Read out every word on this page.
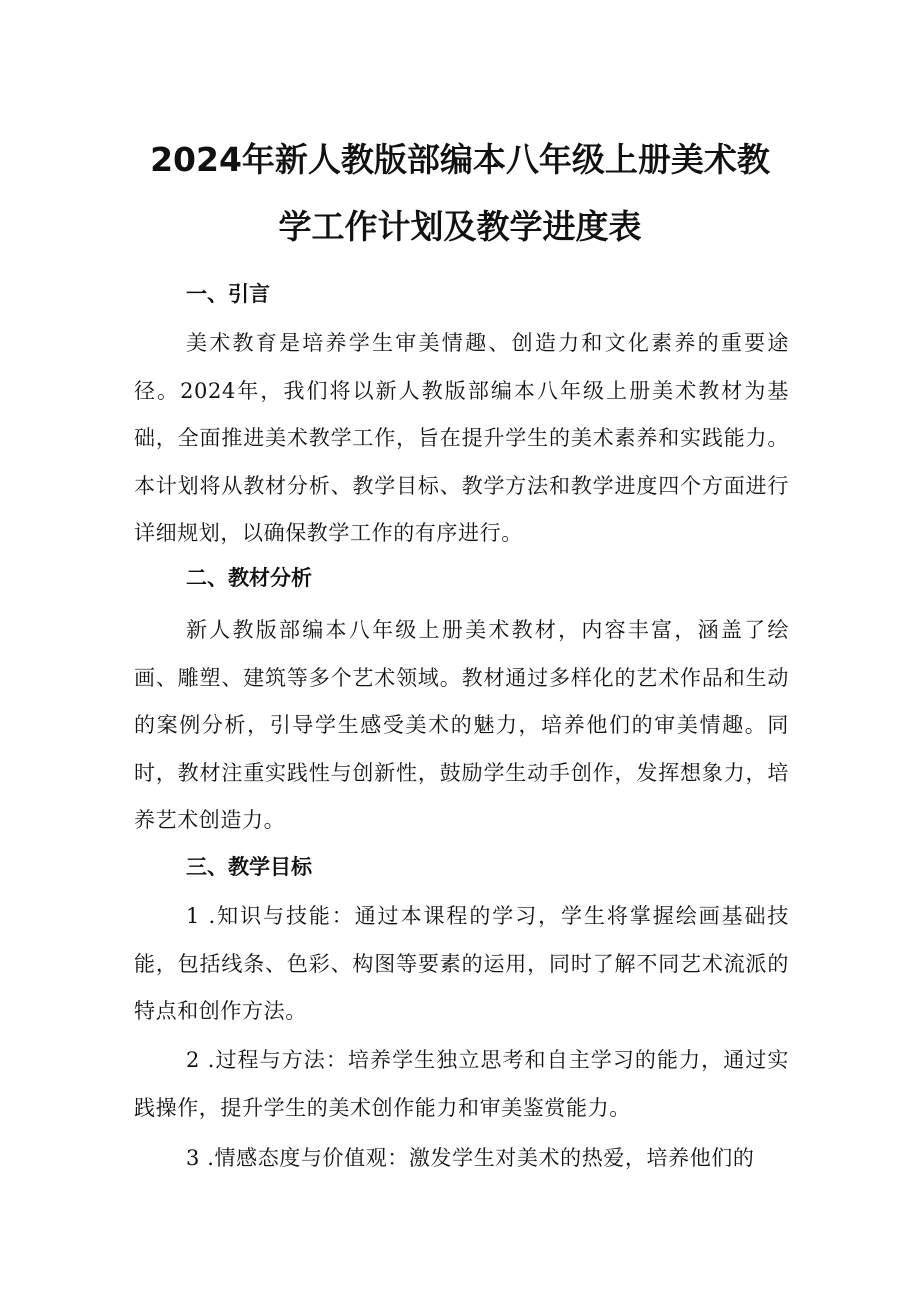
2024年新人教版部编本八年级上册美术教
学工作计划及教学进度表
一、引言

美术教育是培养学生审美情趣、创造力和文化素养的重要途径。2024年，我们将以新人教版部编本八年级上册美术教材为基础，全面推进美术教学工作，旨在提升学生的美术素养和实践能力。本计划将从教材分析、教学目标、教学方法和教学进度四个方面进行详细规划，以确保教学工作的有序进行。

二、教材分析

新人教版部编本八年级上册美术教材，内容丰富，涵盖了绘画、雕塑、建筑等多个艺术领域。教材通过多样化的艺术作品和生动的案例分析，引导学生感受美术的魅力，培养他们的审美情趣。同时，教材注重实践性与创新性，鼓励学生动手创作，发挥想象力，培养艺术创造力。

三、教学目标

1 .知识与技能：通过本课程的学习，学生将掌握绘画基础技能，包括线条、色彩、构图等要素的运用，同时了解不同艺术流派的特点和创作方法。

2 .过程与方法：培养学生独立思考和自主学习的能力，通过实践操作，提升学生的美术创作能力和审美鉴赏能力。

3 .情感态度与价值观：激发学生对美术的热爱，培养他们的
